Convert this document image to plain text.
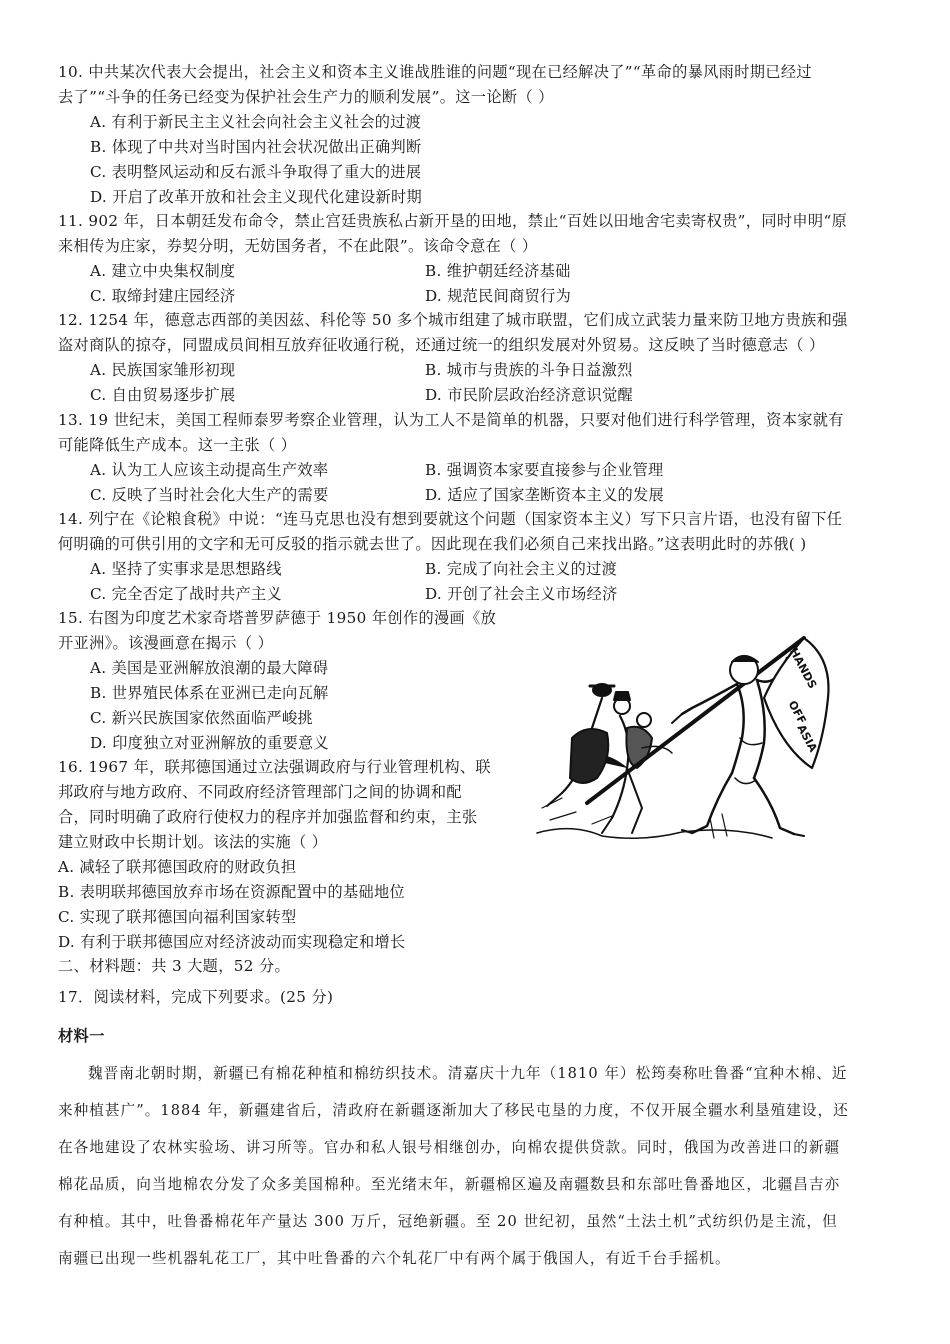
10. 中共某次代表大会提出，社会主义和资本主义谁战胜谁的问题“现在已经解决了”“革命的暴风雨时期已经过
去了”“斗争的任务已经变为保护社会生产力的顺利发展”。这一论断（ ）
A. 有利于新民主主义社会向社会主义社会的过渡
B. 体现了中共对当时国内社会状况做出正确判断
C. 表明整风运动和反右派斗争取得了重大的进展
D. 开启了改革开放和社会主义现代化建设新时期
11. 902 年，日本朝廷发布命令，禁止宫廷贵族私占新开垦的田地，禁止“百姓以田地舍宅卖寄权贵”，同时申明“原
来相传为庄家，券契分明，无妨国务者，不在此限”。该命令意在（ ）
A. 建立中央集权制度	B. 维护朝廷经济基础
C. 取缔封建庄园经济	D. 规范民间商贸行为
12. 1254 年，德意志西部的美因兹、科伦等 50 多个城市组建了城市联盟，它们成立武装力量来防卫地方贵族和强
盗对商队的掠夺，同盟成员间相互放弃征收通行税，还通过统一的组织发展对外贸易。这反映了当时德意志（ ）
A. 民族国家雏形初现	B. 城市与贵族的斗争日益激烈
C. 自由贸易逐步扩展	D. 市民阶层政治经济意识觉醒
13. 19 世纪末，美国工程师泰罗考察企业管理，认为工人不是简单的机器，只要对他们进行科学管理，资本家就有
可能降低生产成本。这一主张（ ）
A. 认为工人应该主动提高生产效率	B. 强调资本家要直接参与企业管理
C. 反映了当时社会化大生产的需要	D. 适应了国家垄断资本主义的发展
14. 列宁在《论粮食税》中说：“连马克思也没有想到要就这个问题（国家资本主义）写下只言片语，也没有留下任
何明确的可供引用的文字和无可反驳的指示就去世了。因此现在我们必须自己来找出路。”这表明此时的苏俄( )
A. 坚持了实事求是思想路线	B. 完成了向社会主义的过渡
C. 完全否定了战时共产主义	D. 开创了社会主义市场经济
15. 右图为印度艺术家奇塔普罗萨德于 1950 年创作的漫画《放
开亚洲》。该漫画意在揭示（ ）
A. 美国是亚洲解放浪潮的最大障碍
B. 世界殖民体系在亚洲已走向瓦解
C. 新兴民族国家依然面临严峻挑
D. 印度独立对亚洲解放的重要意义
16. 1967 年，联邦德国通过立法强调政府与行业管理机构、联
邦政府与地方政府、不同政府经济管理部门之间的协调和配
合，同时明确了政府行使权力的程序并加强监督和约束，主张
建立财政中长期计划。该法的实施（ ）
A. 减轻了联邦德国政府的财政负担
B. 表明联邦德国放弃市场在资源配置中的基础地位
C. 实现了联邦德国向福利国家转型
D. 有利于联邦德国应对经济波动而实现稳定和增长
二、材料题：共 3 大题，52 分。
17．阅读材料，完成下列要求。(25 分)
材料一
魏晋南北朝时期，新疆已有棉花种植和棉纺织技术。清嘉庆十九年（1810 年）松筠奏称吐鲁番“宜种木棉、近
来种植甚广”。1884 年，新疆建省后，清政府在新疆逐渐加大了移民屯垦的力度，不仅开展全疆水利垦殖建设，还
在各地建设了农林实验场、讲习所等。官办和私人银号相继创办，向棉农提供贷款。同时，俄国为改善进口的新疆
棉花品质，向当地棉农分发了众多美国棉种。至光绪末年，新疆棉区遍及南疆数县和东部吐鲁番地区，北疆昌吉亦
有种植。其中，吐鲁番棉花年产量达 300 万斤，冠绝新疆。至 20 世纪初，虽然“土法土机”式纺织仍是主流，但
南疆已出现一些机器轧花工厂，其中吐鲁番的六个轧花厂中有两个属于俄国人，有近千台手摇机。
HANDS
OFF
ASIA
